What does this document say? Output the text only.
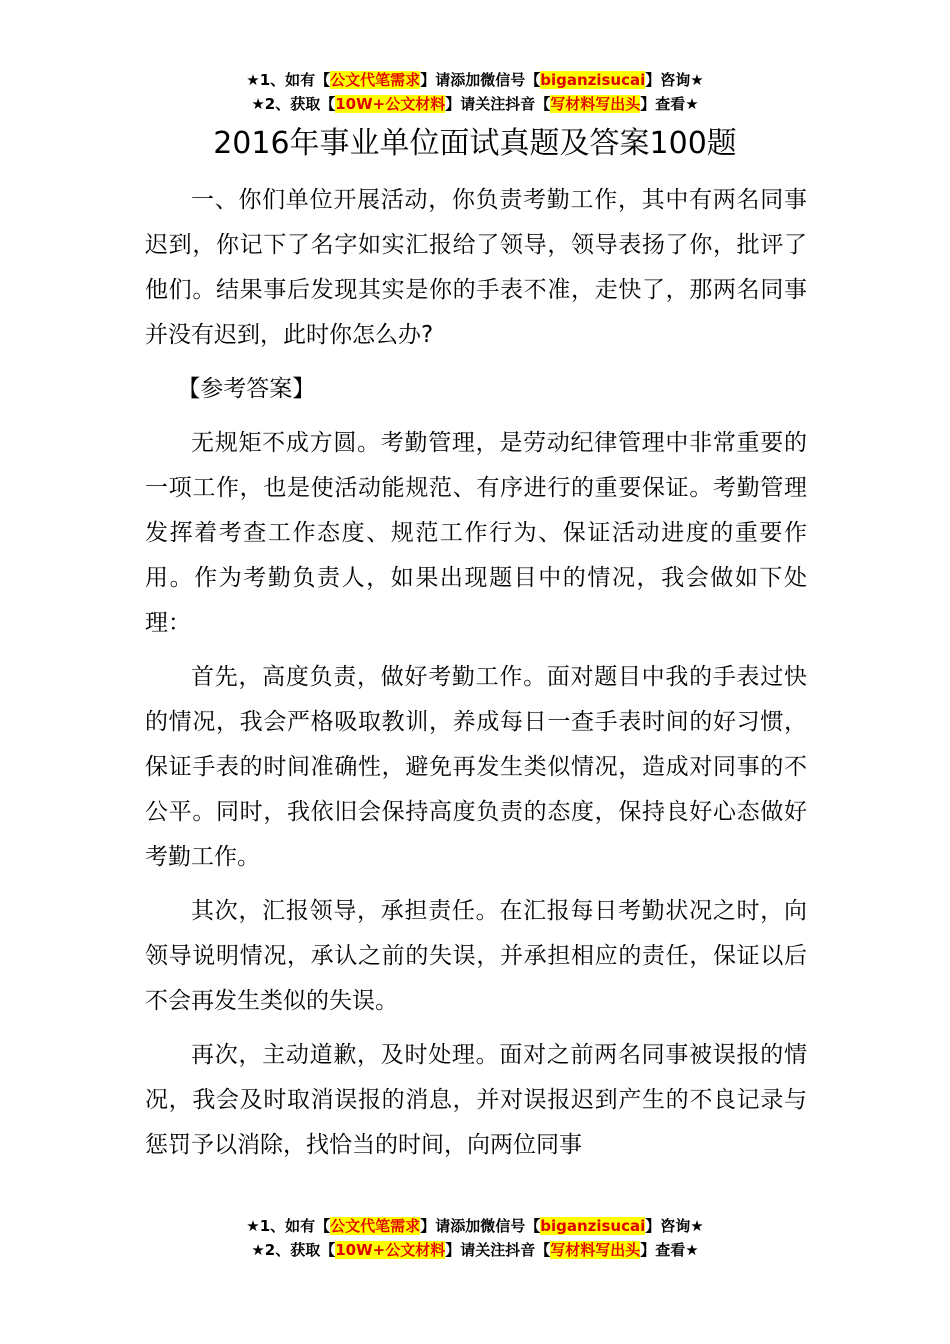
★1、如有【公文代笔需求】请添加微信号【biganzisucai】咨询★
★2、获取【10W+公文材料】请关注抖音【写材料写出头】查看★
2016年事业单位面试真题及答案100题

一、你们单位开展活动，你负责考勤工作，其中有两名同事迟到，你记下了名字如实汇报给了领导，领导表扬了你，批评了他们。结果事后发现其实是你的手表不准，走快了，那两名同事并没有迟到，此时你怎么办?

【参考答案】

无规矩不成方圆。考勤管理，是劳动纪律管理中非常重要的一项工作，也是使活动能规范、有序进行的重要保证。考勤管理发挥着考查工作态度、规范工作行为、保证活动进度的重要作用。作为考勤负责人，如果出现题目中的情况，我会做如下处理：

首先，高度负责，做好考勤工作。面对题目中我的手表过快的情况，我会严格吸取教训，养成每日一查手表时间的好习惯，保证手表的时间准确性，避免再发生类似情况，造成对同事的不公平。同时，我依旧会保持高度负责的态度，保持良好心态做好考勤工作。

其次，汇报领导，承担责任。在汇报每日考勤状况之时，向领导说明情况，承认之前的失误，并承担相应的责任，保证以后不会再发生类似的失误。

再次，主动道歉，及时处理。面对之前两名同事被误报的情况，我会及时取消误报的消息，并对误报迟到产生的不良记录与惩罚予以消除，找恰当的时间，向两位同事

★1、如有【公文代笔需求】请添加微信号【biganzisucai】咨询★
★2、获取【10W+公文材料】请关注抖音【写材料写出头】查看★
